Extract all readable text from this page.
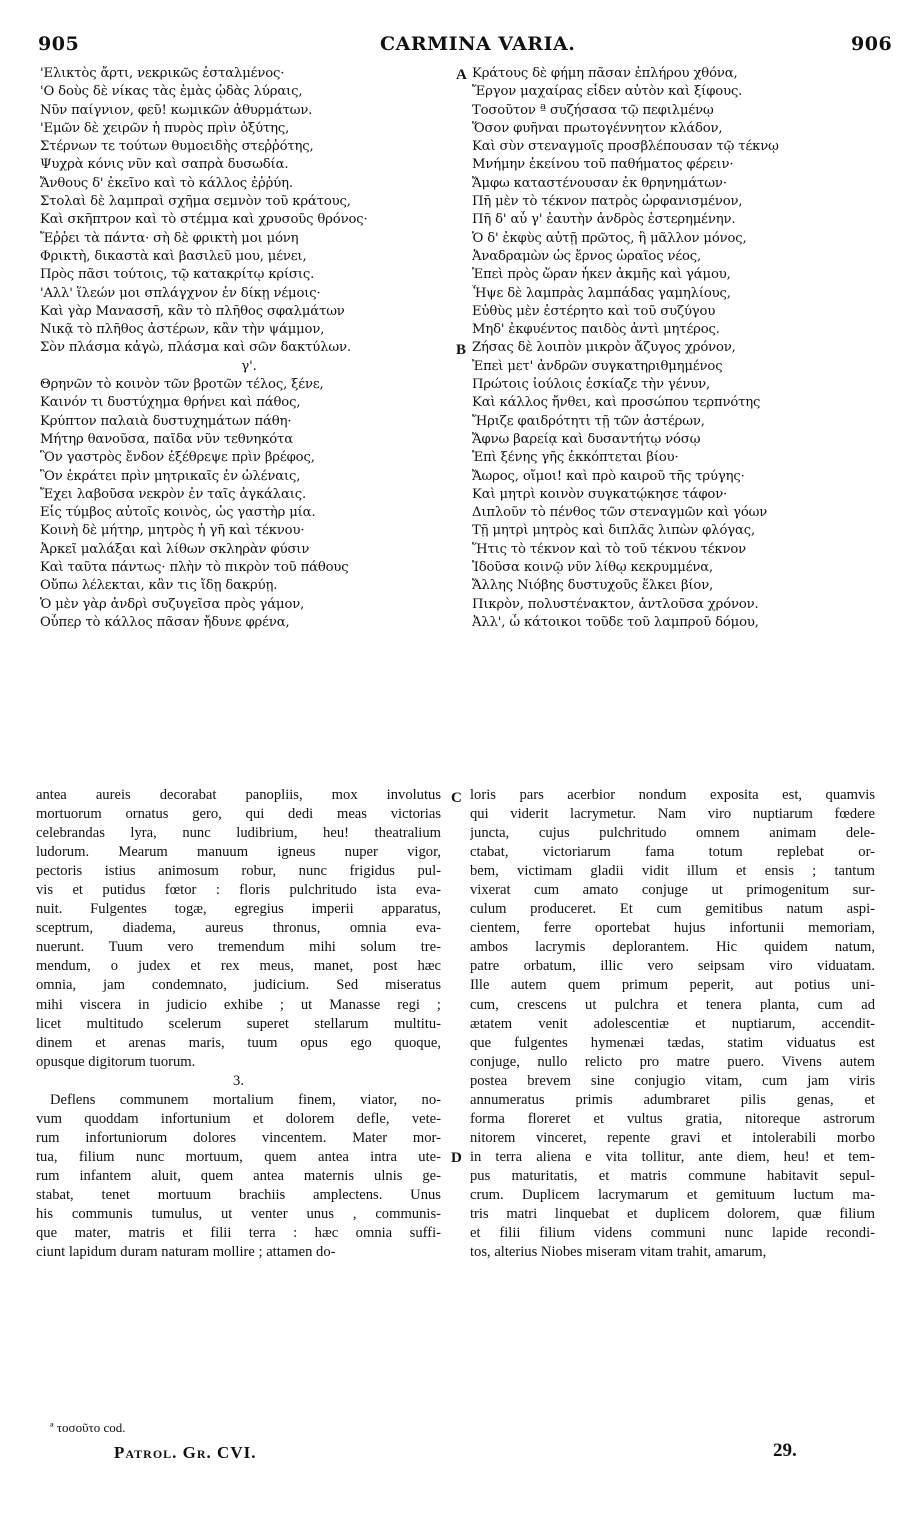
905	CARMINA VARIA.	906
'Ελικτὸς ἄρτι, νεκρικῶς ἐσταλμένος·
'Ο δοὺς δὲ νίκας τὰς ἐμὰς ᾠδὰς λύραις,
Νῦν παίγνιον, φεῦ! κωμικῶν ἀθυρμάτων.
'Εμῶν δὲ χειρῶν ἡ πυρὸς πρὶν ὀξύτης,
Στέρνων τε τούτων θυμοειδὴς στεῤῥότης,
Ψυχρὰ κόνις νῦν καὶ σαπρὰ δυσωδία.
Ἄνθους δ' ἐκεῖνο καὶ τὸ κάλλος ἐῤῥύη.
Στολαὶ δὲ λαμπραὶ σχῆμα σεμνὸν τοῦ κράτους,
Καὶ σκῆπτρον καὶ τὸ στέμμα καὶ χρυσοῦς θρόνος·
Ἔῤῥει τὰ πάντα· σὴ δὲ φρικτὴ μοι μόνη
Φρικτὴ, δικαστὰ καὶ βασιλεῦ μου, μένει,
Πρὸς πᾶσι τούτοις, τῷ κατακρίτῳ κρίσις.
'Αλλ' ἵλεών μοι σπλάγχνον ἐν δίκῃ νέμοις·
Καὶ γὰρ Μανασσῆ, κἂν τὸ πλῆθος σφαλμάτων
Νικᾷ τὸ πλῆθος ἀστέρων, κἂν τὴν ψάμμον,
Σὸν πλάσμα κἀγὼ, πλάσμα καὶ σῶν δακτύλων.
γ'.
Θρηνῶν τὸ κοινὸν τῶν βροτῶν τέλος, ξένε,
Καινόν τι δυστύχημα θρήνει καὶ πάθος,
Κρύπτον παλαιὰ δυστυχημάτων πάθη·
Μήτηρ θανοῦσα, παῖδα νῦν τεθνηκότα
Ὃν γαστρὸς ἔνδον ἐξέθρεψε πρὶν βρέφος,
Ὃν ἐκράτει πρὶν μητρικαῖς ἐν ὠλέναις,
Ἔχει λαβοῦσα νεκρὸν ἐν ταῖς ἀγκάλαις.
Εἷς τύμβος αὐτοῖς κοινὸς, ὡς γαστὴρ μία.
Κοινὴ δὲ μήτηρ, μητρὸς ἡ γῆ καὶ τέκνου·
Ἀρκεῖ μαλάξαι καὶ λίθων σκληρὰν φύσιν
Καὶ ταῦτα πάντως· πλὴν τὸ πικρὸν τοῦ πάθους
Οὔπω λέλεκται, κἂν τις ἴδῃ δακρύῃ.
Ὁ μὲν γὰρ ἀνδρὶ συζυγεῖσα πρὸς γάμον,
Οὗπερ τὸ κάλλος πᾶσαν ἤδυνε φρένα,
Κράτους δὲ φήμη πᾶσαν ἐπλήρου χθόνα,
Ἔργον μαχαίρας εἶδεν αὐτὸν καὶ ξίφους.
Τοσοῦτον ª συζήσασα τῷ πεφιλμένῳ
Ὅσον φυῆναι πρωτογέννητον κλάδον,
Καὶ σὺν στεναγμοῖς προσβλέπουσαν τῷ τέκνῳ
Μνήμην ἐκείνου τοῦ παθήματος φέρειν·
Ἄμφω καταστένουσαν ἐκ θρηνημάτων·
Πῆ μὲν τὸ τέκνον πατρὸς ὠρφανισμένον,
Πῆ δ' αὖ γ' ἑαυτὴν ἀνδρὸς ἐστερημένην.
Ὁ δ' ἐκφὺς αὐτῇ πρῶτος, ἢ μᾶλλον μόνος,
Ἀναδραμὼν ὡς ἔρνος ὡραῖος νέος,
Ἐπεὶ πρὸς ὥραν ἧκεν ἀκμῆς καὶ γάμου,
Ἧψε δὲ λαμπρὰς λαμπάδας γαμηλίους,
Εὐθὺς μὲν ἐστέρητο καὶ τοῦ συζύγου
Μηδ' ἐκφυέντος παιδὸς ἀντὶ μητέρος.
Ζήσας δὲ λοιπὸν μικρὸν ἄζυγος χρόνον,
Ἐπεὶ μετ' ἀνδρῶν συγκατηριθμημένος
Πρώτοις ἰούλοις ἐσκίαζε τὴν γένυν,
Καὶ κάλλος ἤνθει, καὶ προσώπου τερπνότης
Ἤριζε φαιδρότητι τῇ τῶν ἀστέρων,
Ἄφνω βαρείᾳ καὶ δυσαντήτῳ νόσῳ
Ἐπὶ ξένης γῆς ἐκκόπτεται βίου·
Ἄωρος, οἴμοι! καὶ πρὸ καιροῦ τῆς τρύγης·
Καὶ μητρὶ κοινὸν συγκατῴκησε τάφον·
Διπλοῦν τὸ πένθος τῶν στεναγμῶν καὶ γόων
Τῇ μητρὶ μητρὸς καὶ διπλᾶς λιπὼν φλόγας,
Ἥτις τὸ τέκνον καὶ τὸ τοῦ τέκνου τέκνον
Ἰδοῦσα κοινῷ νῦν λίθῳ κεκρυμμένα,
Ἄλλης Νιόβης δυστυχοῦς ἕλκει βίον,
Πικρὸν, πολυστένακτον, ἀντλοῦσα χρόνον.
Ἀλλ', ὦ κάτοικοι τοῦδε τοῦ λαμπροῦ δόμου,
A
B
C
D
antea aureis decorabat panopliis, mox involutus
mortuorum ornatus gero, qui dedi meas victorias
celebrandas lyra, nunc ludibrium, heu! theatralium
ludorum. Mearum manuum igneus nuper vigor,
pectoris istius animosum robur, nunc frigidus pul-
vis et putidus fœtor : floris pulchritudo ista eva-
nuit. Fulgentes togæ, egregius imperii apparatus,
sceptrum, diadema, aureus thronus, omnia eva-
nuerunt. Tuum vero tremendum mihi solum tre-
mendum, o judex et rex meus, manet, post hæc
omnia, jam condemnato, judicium. Sed miseratus
mihi viscera in judicio exhibe ; ut Manasse regi ;
licet multitudo scelerum superet stellarum multitu-
dinem et arenas maris, tuum opus ego quoque,
opusque digitorum tuorum.
3.
Deflens communem mortalium finem, viator, no-
vum quoddam infortunium et dolorem defle, vete-
rum infortuniorum dolores vincentem. Mater mor-
tua, filium nunc mortuum, quem antea intra ute-
rum infantem aluit, quem antea maternis ulnis ge-
stabat, tenet mortuum brachiis amplectens. Unus
his communis tumulus, ut venter unus , communis-
que mater, matris et filii terra : hæc omnia suffi-
ciunt lapidum duram naturam mollire ; attamen do-
loris pars acerbior nondum exposita est, quamvis
qui viderit lacrymetur. Nam viro nuptiarum fœdere
juncta, cujus pulchritudo omnem animam dele-
ctabat, victoriarum fama totum replebat or-
bem, victimam gladii vidit illum et ensis ; tantum
vixerat cum amato conjuge ut primogenitum sur-
culum produceret. Et cum gemitibus natum aspi-
cientem, ferre oportebat hujus infortunii memoriam,
ambos lacrymis deplorantem. Hic quidem natum,
patre orbatum, illic vero seipsam viro viduatam.
Ille autem quem primum peperit, aut potius uni-
cum, crescens ut pulchra et tenera planta, cum ad
ætatem venit adolescentiæ et nuptiarum, accendit-
que fulgentes hymenæi tædas, statim viduatus est
conjuge, nullo relicto pro matre puero. Vivens autem
postea brevem sine conjugio vitam, cum jam viris
annumeratus primis adumbraret pilis genas, et
forma floreret et vultus gratia, nitoreque astrorum
nitorem vinceret, repente gravi et intolerabili morbo
in terra aliena e vita tollitur, ante diem, heu! et tem-
pus maturitatis, et matris commune habitavit sepul-
crum. Duplicem lacrymarum et gemituum luctum ma-
tris matri linquebat et duplicem dolorem, quæ filium
et filii filium videns communi nunc lapide recondi-
tos, alterius Niobes miseram vitam trahit, amarum,
ª τοσοῦτο cod.
Patrol. Gr. CVI.	29.
